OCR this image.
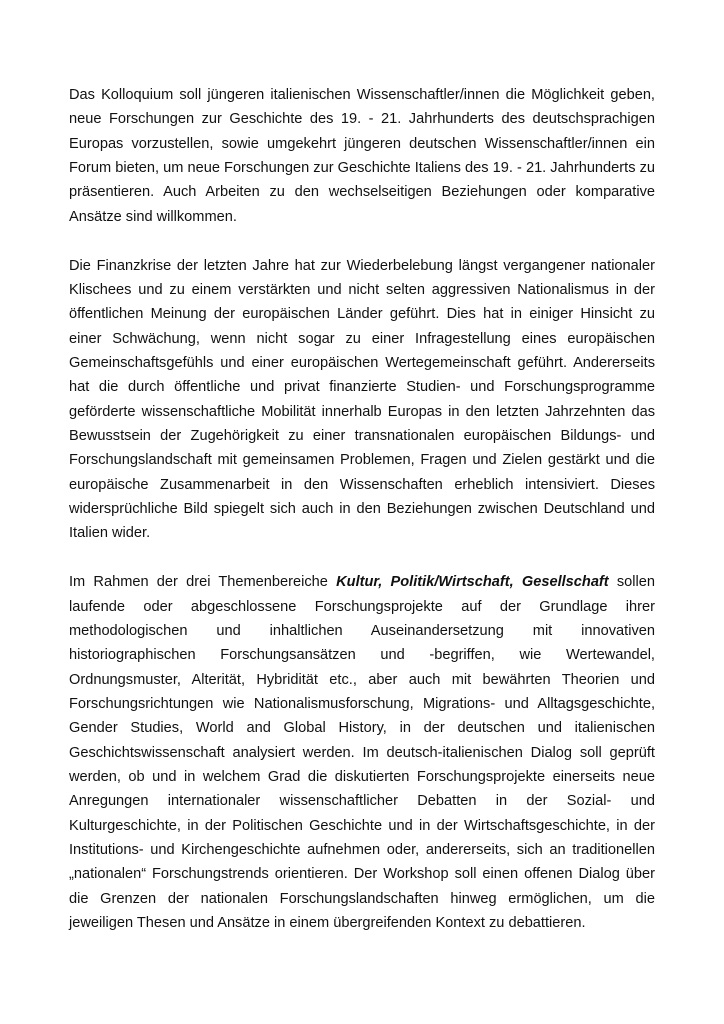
Das Kolloquium soll jüngeren italienischen Wissenschaftler/innen die Möglichkeit geben, neue Forschungen zur Geschichte des 19. - 21. Jahrhunderts des deutschsprachigen Europas vorzustellen, sowie umgekehrt jüngeren deutschen Wissenschaftler/innen ein Forum bieten, um neue Forschungen zur Geschichte Italiens des 19. - 21. Jahrhunderts zu präsentieren. Auch Arbeiten zu den wechselseitigen Beziehungen oder komparative Ansätze sind willkommen.

Die Finanzkrise der letzten Jahre hat zur Wiederbelebung längst vergangener nationaler Klischees und zu einem verstärkten und nicht selten aggressiven Nationalismus in der öffentlichen Meinung der europäischen Länder geführt. Dies hat in einiger Hinsicht zu einer Schwächung, wenn nicht sogar zu einer Infragestellung eines europäischen Gemeinschaftsgefühls und einer europäischen Wertegemeinschaft geführt. Andererseits hat die durch öffentliche und privat finanzierte Studien- und Forschungsprogramme geförderte wissenschaftliche Mobilität innerhalb Europas in den letzten Jahrzehnten das Bewusstsein der Zugehörigkeit zu einer transnationalen europäischen Bildungs- und Forschungslandschaft mit gemeinsamen Problemen, Fragen und Zielen gestärkt und die europäische Zusammenarbeit in den Wissenschaften erheblich intensiviert. Dieses widersprüchliche Bild spiegelt sich auch in den Beziehungen zwischen Deutschland und Italien wider.

Im Rahmen der drei Themenbereiche Kultur, Politik/Wirtschaft, Gesellschaft sollen laufende oder abgeschlossene Forschungsprojekte auf der Grundlage ihrer methodologischen und inhaltlichen Auseinandersetzung mit innovativen historiographischen Forschungsansätzen und -begriffen, wie Wertewandel, Ordnungsmuster, Alterität, Hybridität etc., aber auch mit bewährten Theorien und Forschungsrichtungen wie Nationalismusforschung, Migrations- und Alltagsgeschichte, Gender Studies, World and Global History, in der deutschen und italienischen Geschichtswissenschaft analysiert werden. Im deutsch-italienischen Dialog soll geprüft werden, ob und in welchem Grad die diskutierten Forschungsprojekte einerseits neue Anregungen internationaler wissenschaftlicher Debatten in der Sozial- und Kulturgeschichte, in der Politischen Geschichte und in der Wirtschaftsgeschichte, in der Institutions- und Kirchengeschichte aufnehmen oder, andererseits, sich an traditionellen „nationalen“ Forschungstrends orientieren. Der Workshop soll einen offenen Dialog über die Grenzen der nationalen Forschungslandschaften hinweg ermöglichen, um die jeweiligen Thesen und Ansätze in einem übergreifenden Kontext zu debattieren.
